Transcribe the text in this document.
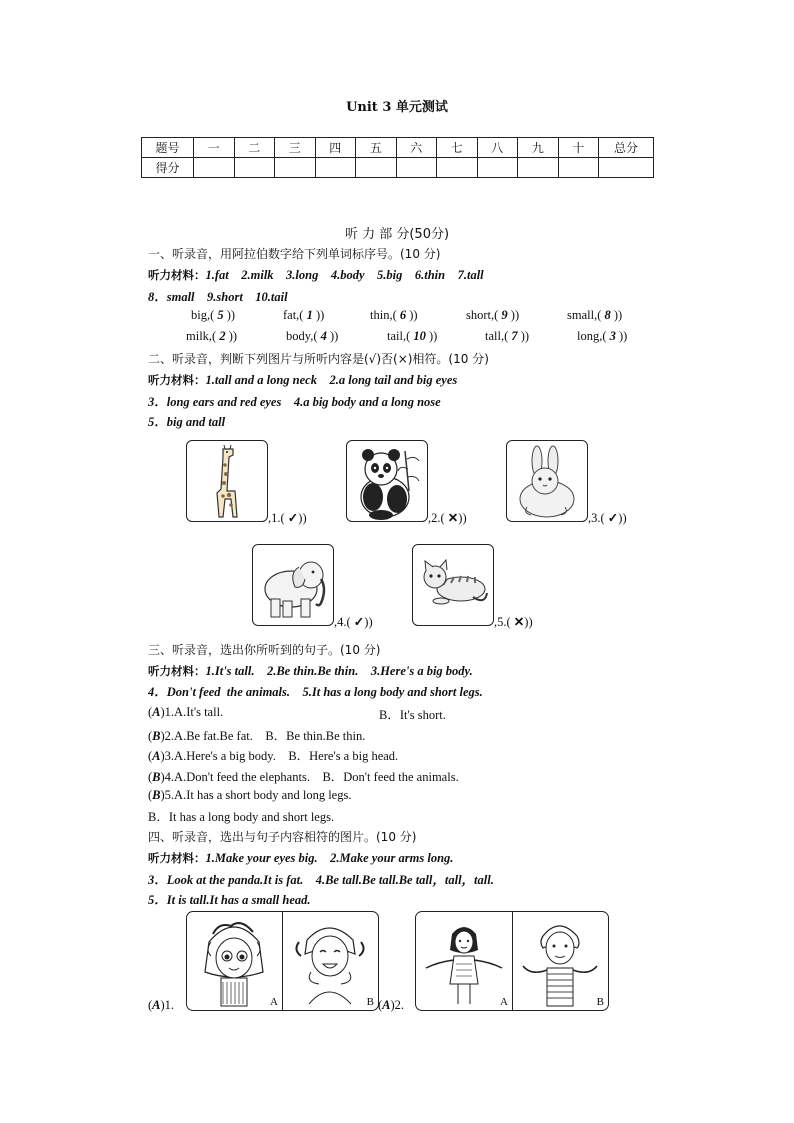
Unit 3 单元测试
题号	一	二	三	四	五	六	七	八	九	十	总分
得分											
听 力 部 分(50分)
一、听录音，用阿拉伯数字给下列单词标序号。(10 分)
听力材料：1.fat    2.milk    3.long    4.body    5.big    6.thin    7.tall
8．small    9.short    10.tail
big,( 5 ))	fat,( 1 ))	thin,( 6 ))	short,( 9 ))	small,( 8 ))
milk,( 2 ))	body,( 4 ))	tail,( 10 ))	tall,( 7 ))	long,( 3 ))
二、听录音，判断下列图片与所听内容是(√)否(×)相符。(10 分)
听力材料：1.tall and a long neck    2.a long tail and big eyes
3．long ears and red eyes    4.a big body and a long nose
5．big and tall
,1.( ✓))	,2.( ✕))	,3.( ✓))
,4.( ✓))	,5.( ✕))
三、听录音，选出你所听到的句子。(10 分)
听力材料：1.It's tall.    2.Be thin.Be thin.    3.Here's a big body.
4．Don't feed  the animals.    5.It has a long body and short legs.
(A)1.A.It's tall.	B．It's short.
(B)2.A.Be fat.Be fat.    B．Be thin.Be thin.
(A)3.A.Here's a big body.    B．Here's a big head.
(B)4.A.Don't feed the elephants.    B．Don't feed the animals.
(B)5.A.It has a short body and long legs.
B．It has a long body and short legs.
四、听录音，选出与句子内容相符的图片。(10 分)
听力材料：1.Make your eyes big.    2.Make your arms long.
3．Look at the panda.It is fat.    4.Be tall.Be tall.Be tall，tall，tall.
5．It is tall.It has a small head.
(A)1.	A	B (A)2.	A	B
